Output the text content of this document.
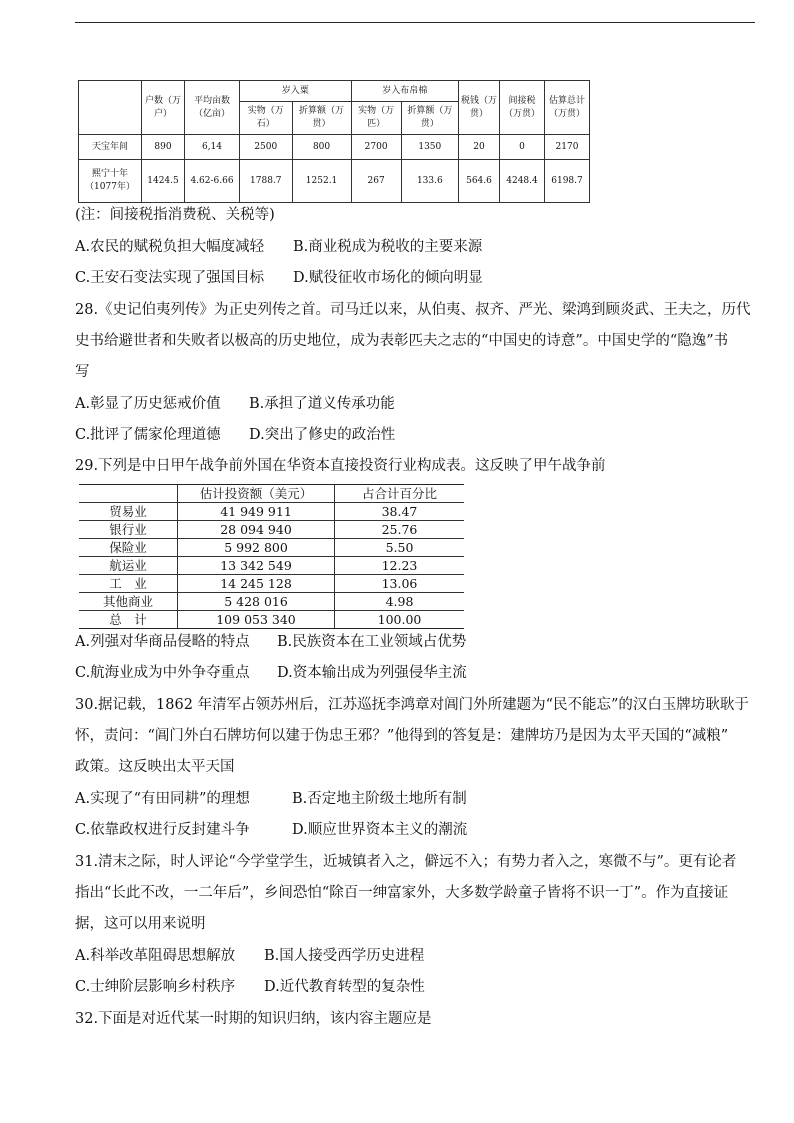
	户数（万户）	平均亩数（亿亩）	岁入粟		岁入布帛棉		税钱（万贯）	间接税（万贯）	估算总计（万贯）
			实物（万石）	折算额（万贯）	实物（万匹）	折算额（万贯）			
天宝年间	890	6,14	2500	800	2700	1350	20	0	2170
熙宁十年（1077年）	1424.5	4.62-6.66	1788.7	1252.1	267	133.6	564.6	4248.4	6198.7
(注：间接税指消费税、关税等)
A.农民的赋税负担大幅度减轻 B.商业税成为税收的主要来源
C.王安石变法实现了强国目标 D.赋役征收市场化的倾向明显
28.《史记伯夷列传》为正史列传之首。司马迁以来，从伯夷、叔齐、严光、梁鸿到顾炎武、王夫之，历代
史书给避世者和失败者以极高的历史地位，成为表彰匹夫之志的“中国史的诗意”。中国史学的“隐逸”书
写
A.彰显了历史惩戒价值 B.承担了道义传承功能
C.批评了儒家伦理道德 D.突出了修史的政治性
29.下列是中日甲午战争前外国在华资本直接投资行业构成表。这反映了甲午战争前
	估计投资额（美元）	占合计百分比
贸易业	41 949 911	38.47
银行业	28 094 940	25.76
保险业	5 992 800	5.50
航运业	13 342 549	12.23
工　业	14 245 128	13.06
其他商业	5 428 016	4.98
总　计	109 053 340	100.00
A.列强对华商品侵略的特点 B.民族资本在工业领域占优势
C.航海业成为中外争夺重点 D.资本输出成为列强侵华主流
30.据记载，1862 年清军占领苏州后，江苏巡抚李鸿章对阊门外所建题为“民不能忘”的汉白玉牌坊耿耿于
怀，责问：“阊门外白石牌坊何以建于伪忠王邪？”他得到的答复是：建牌坊乃是因为太平天国的“减粮”
政策。这反映出太平天国
A.实现了“有田同耕”的理想	B.否定地主阶级土地所有制
C.依靠政权进行反封建斗争	D.顺应世界资本主义的潮流
31.清末之际，时人评论“今学堂学生，近城镇者入之，僻远不入；有势力者入之，寒微不与”。更有论者
指出“长此不改，一二年后”，乡间恐怕“除百一绅富家外，大多数学龄童子皆将不识一丁”。作为直接证
据，这可以用来说明
A.科举改革阻碍思想解放 B.国人接受西学历史进程
C.士绅阶层影响乡村秩序 D.近代教育转型的复杂性
32.下面是对近代某一时期的知识归纳，该内容主题应是
